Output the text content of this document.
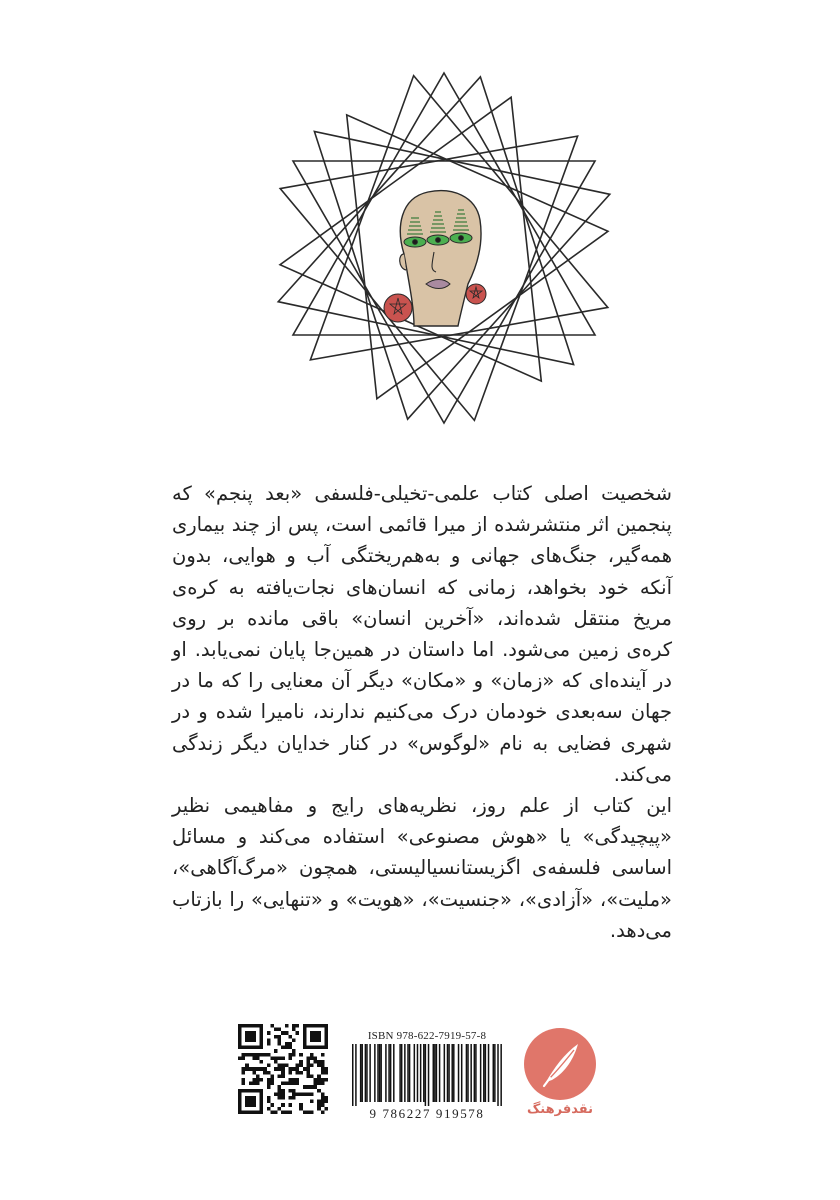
شخصیت اصلی کتاب علمی-تخیلی-فلسفی «بعد پنجم» که پنجمین اثر منتشرشده از میرا قائمی است، پس از چند بیماری همه‌گیر، جنگ‌های جهانی و به‌هم‌ریختگی آب و هوایی، بدون آنکه خود بخواهد، زمانی که انسان‌های نجات‌یافته به کره‌ی مریخ منتقل شده‌اند، «آخرین انسان» باقی مانده بر روی کره‌ی زمین می‌شود. اما داستان در همین‌جا پایان نمی‌یابد. او در آینده‌ای که «زمان» و «مکان» دیگر آن معنایی را که ما در جهان سه‌بعدی خودمان درک می‌کنیم ندارند، نامیرا شده و در شهری فضایی به نام «لوگوس» در کنار خدایان دیگر زندگی می‌کند.

این کتاب از علم روز، نظریه‌های رایج و مفاهیمی نظیر «پیچیدگی» یا «هوش مصنوعی» استفاده می‌کند و مسائل اساسی فلسفه‌ی اگزیستانسیالیستی، همچون «مرگ‌آگاهی»، «ملیت»، «آزادی»، «جنسیت»، «هویت» و «تنهایی» را بازتاب می‌دهد.

ISBN 978-622-7919-57-8
9 786227 919578	نقدفرهنگ
